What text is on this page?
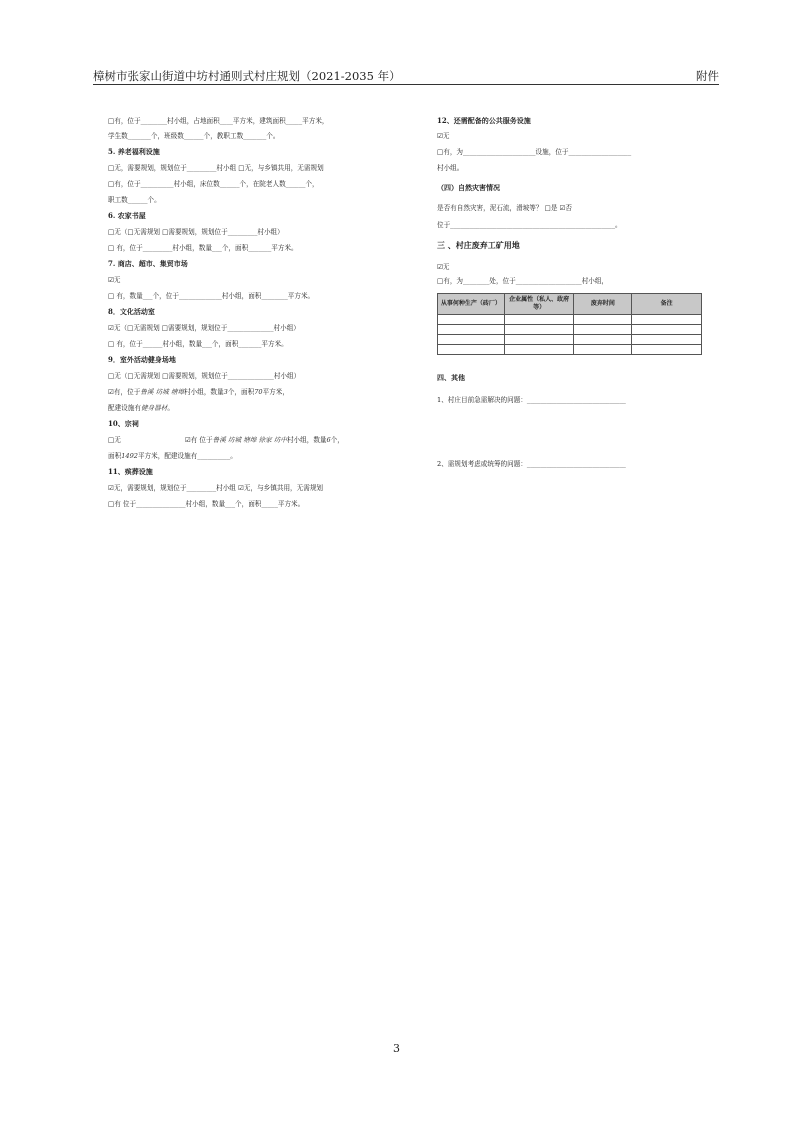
樟树市张家山街道中坊村通则式村庄规划（2021-2035 年）	附件
□有，位于________村小组，占地面积____平方米，建筑面积_____平方米，
学生数_______个，班级数______个，教职工数_______个。
5. 养老福利设施
□无，需要规划，规划位于_________村小组 □无，与乡镇共用，无需规划
□有，位于__________村小组，床位数______个，在院老人数______个，
职工数______个。
6. 农家书屋
□无（□无需规划 □需要规划，规划位于_________村小组）
□ 有，位于_________村小组，数量___个，面积_______平方米。
7. 商店、超市、集贸市场
☑无
□ 有，数量___个，位于_____________村小组，面积________平方米。
8．文化活动室
☑无（□无需规划 □需要规划，规划位于______________村小组）
□ 有，位于______村小组，数量___个，面积_______平方米。
9．室外活动健身场地
□无（□无需规划 □需要规划，规划位于______________村小组）
☑有，位于鲁溪 坊城 塘埠村小组，数量3个，面积70平方米，
配建设施有健身器材。
10、宗祠
□无	☑有 位于鲁溪 坊城 塘埠 徐家 坊中村小组，数量6个，
面积1492平方米，配建设施有__________。
11、殡葬设施
☑无，需要规划，规划位于_________村小组 ☑无，与乡镇共用，无需规划
□有 位于_______________村小组，数量___个，面积_____平方米。
12、还需配备的公共服务设施
☑无
□有，为______________________设施，位于___________________
村小组。
（四）自然灾害情况
是否有自然灾害，泥石流，滑坡等？ □是 ☑否
位于__________________________________________________。
三 、村庄废弃工矿用地
☑无
□有，为________处，位于____________________村小组，
四、其他
1、村庄目前急需解决的问题：______________________________
2、需规划考虑或统筹的问题：______________________________
从事何种生产（砖厂）	企业属性（私人、政府等）	废弃时间	备注

3
